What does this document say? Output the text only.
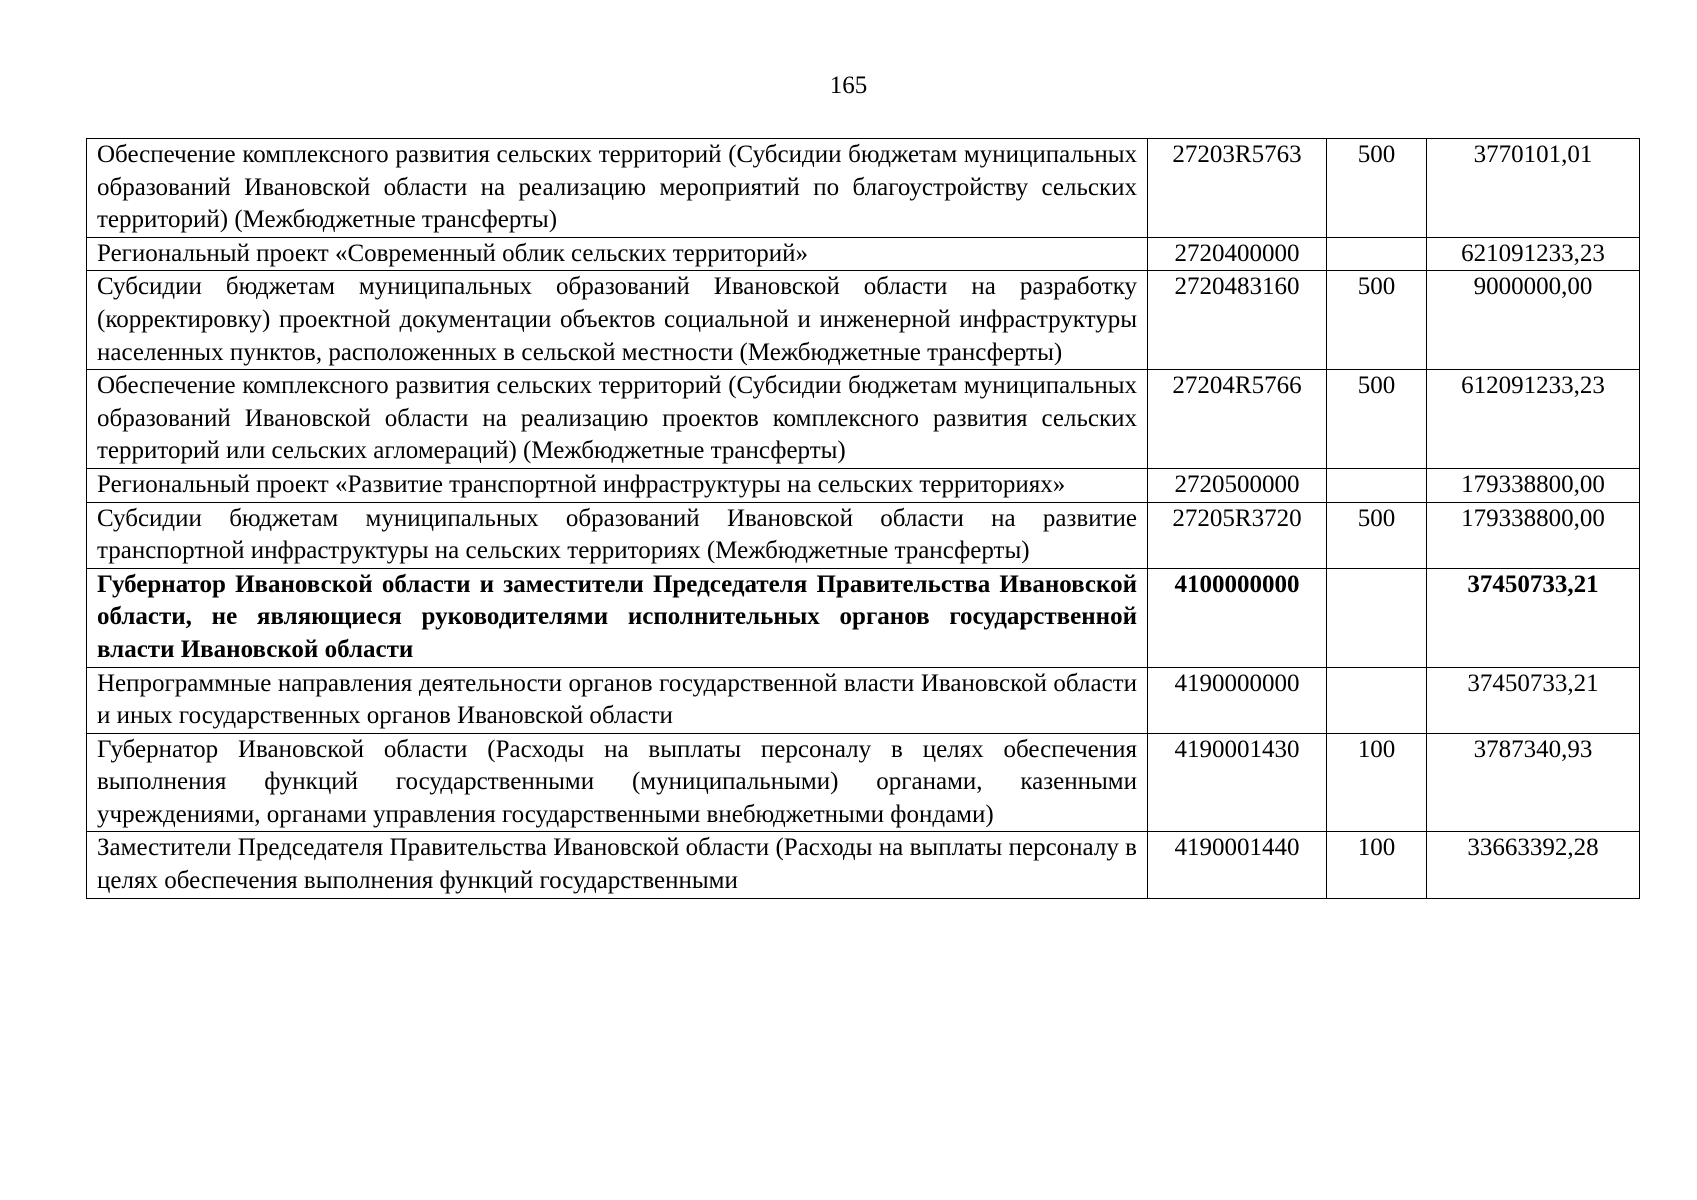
165
Обеспечение комплексного развития сельских территорий (Субсидии бюджетам муниципальных образований Ивановской области на реализацию мероприятий по благоустройству сельских территорий) (Межбюджетные трансферты)	27203R5763	500	3770101,01
Региональный проект «Современный облик сельских территорий»	2720400000		621091233,23
Субсидии бюджетам муниципальных образований Ивановской области на разработку (корректировку) проектной документации объектов социальной и инженерной инфраструктуры населенных пунктов, расположенных в сельской местности (Межбюджетные трансферты)	2720483160	500	9000000,00
Обеспечение комплексного развития сельских территорий (Субсидии бюджетам муниципальных образований Ивановской области на реализацию проектов комплексного развития сельских территорий или сельских агломераций) (Межбюджетные трансферты)	27204R5766	500	612091233,23
Региональный проект «Развитие транспортной инфраструктуры на сельских территориях»	2720500000		179338800,00
Субсидии бюджетам муниципальных образований Ивановской области на развитие транспортной инфраструктуры на сельских территориях (Межбюджетные трансферты)	27205R3720	500	179338800,00
Губернатор Ивановской области и заместители Председателя Правительства Ивановской области, не являющиеся руководителями исполнительных органов государственной власти Ивановской области	4100000000		37450733,21
Непрограммные направления деятельности органов государственной власти Ивановской области и иных государственных органов Ивановской области	4190000000		37450733,21
Губернатор Ивановской области (Расходы на выплаты персоналу в целях обеспечения выполнения функций государственными (муниципальными) органами, казенными учреждениями, органами управления государственными внебюджетными фондами)	4190001430	100	3787340,93
Заместители Председателя Правительства Ивановской области (Расходы на выплаты персоналу в целях обеспечения выполнения функций государственными	4190001440	100	33663392,28
